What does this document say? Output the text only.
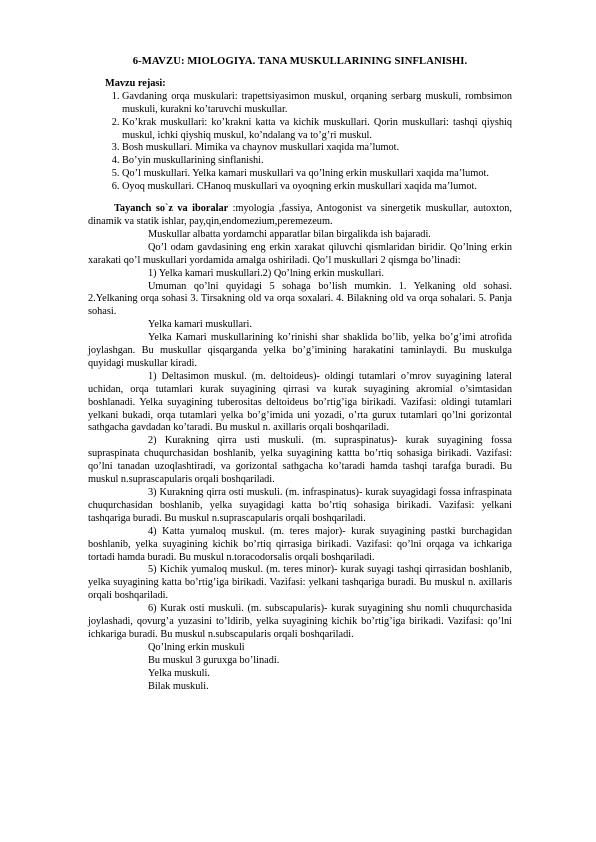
6-MAVZU: MIOLOGIYA. TANA MUSKULLARINING SINFLANISHI.
Mavzu rejasi:
1. Gavdaning orqa muskulari: trapettsiyasimon muskul, orqaning serbarg muskuli, rombsimon muskuli, kurakni ko’taruvchi muskullar.
2. Ko’krak muskullari: ko’krakni katta va kichik muskullari. Qorin muskullari: tashqi qiyshiq muskul, ichki qiyshiq muskul, ko’ndalang va to’g’ri muskul.
3. Bosh muskullari. Mimika va chaynov muskullari xaqida ma’lumot.
4. Bo’yin muskullarining sinflanishi.
5. Qo’l muskullari. Yelka kamari muskullari va qo’lning erkin muskullari xaqida ma’lumot.
6. Oyoq muskullari. CHanoq muskullari va oyoqning erkin muskullari xaqida ma’lumot.

Tayanch so`z va iboralar :myologia ,fassiya, Antogonist va sinergetik muskullar, autoxton, dinamik va statik ishlar, pay,qin,endomezium,peremezeum.

Muskullar albatta yordamchi apparatlar bilan birgalikda ish bajaradi.

Qo’l odam gavdasining eng erkin xarakat qiluvchi qismlaridan biridir. Qo’lning erkin xarakati qo’l muskullari yordamida amalga oshiriladi. Qo’l muskullari 2 qismga bo’linadi:

1) Yelka kamari muskullari.2) Qo’lning erkin muskullari.

Umuman qo’lni quyidagi 5 sohaga bo’lish mumkin. 1. Yelkaning old sohasi. 2.Yelkaning orqa sohasi 3. Tirsakning old va orqa soxalari. 4. Bilakning old va orqa sohalari. 5. Panja sohasi.

Yelka kamari muskullari.

Yelka Kamari muskullarining ko’rinishi shar shaklida bo’lib, yelka bo’g’imi atrofida joylashgan. Bu muskullar qisqarganda yelka bo’g’imining harakatini taminlaydi. Bu muskulga quyidagi muskullar kiradi.

1) Deltasimon muskul. (m. deltoideus)- oldingi tutamlari o’mrov suyagining lateral uchidan, orqa tutamlari kurak suyagining qirrasi va kurak suyagining akromial o’simtasidan boshlanadi. Yelka suyagining tuberositas deltoideus bo’rtig’iga birikadi. Vazifasi: oldingi tutamlari yelkani bukadi, orqa tutamlari yelka bo’g’imida uni yozadi, o’rta gurux tutamlari qo’lni gorizontal sathgacha gavdadan ko’taradi. Bu muskul n. axillaris orqali boshqariladi.

2) Kurakning qirra usti muskuli. (m. supraspinatus)- kurak suyagining fossa supraspinata chuqurchasidan boshlanib, yelka suyagining kattta bo’rtiq sohasiga birikadi. Vazifasi: qo’lni tanadan uzoqlashtiradi, va gorizontal sathgacha ko’taradi hamda tashqi tarafga buradi. Bu muskul n.suprascapularis orqali boshqariladi.

3) Kurakning qirra osti muskuli. (m. infraspinatus)- kurak suyagidagi fossa infraspinata chuqurchasidan boshlanib, yelka suyagidagi katta bo’rtiq sohasiga birikadi. Vazifasi: yelkani tashqariga buradi. Bu muskul n.suprascapularis orqali boshqariladi.

4) Katta yumaloq muskul. (m. teres major)- kurak suyagining pastki burchagidan boshlanib, yelka suyagining kichik bo’rtiq qirrasiga birikadi. Vazifasi: qo’lni orqaga va ichkariga tortadi hamda buradi. Bu muskul n.toracodorsalis orqali boshqariladi.

5) Kichik yumaloq muskul. (m. teres minor)- kurak suyagi tashqi qirrasidan boshlanib, yelka suyagining katta bo’rtig’iga birikadi. Vazifasi: yelkani tashqariga buradi. Bu muskul n. axillaris orqali boshqariladi.

6) Kurak osti muskuli. (m. subscapularis)- kurak suyagining shu nomli chuqurchasida joylashadi, qovurg’a yuzasini to’ldirib, yelka suyagining kichik bo’rtig’iga birikadi. Vazifasi: qo’lni ichkariga buradi. Bu muskul n.subscapularis orqali boshqariladi.

Qo’lning erkin muskuli

Bu muskul 3 guruxga bo’linadi.

Yelka muskuli.

Bilak muskuli.
